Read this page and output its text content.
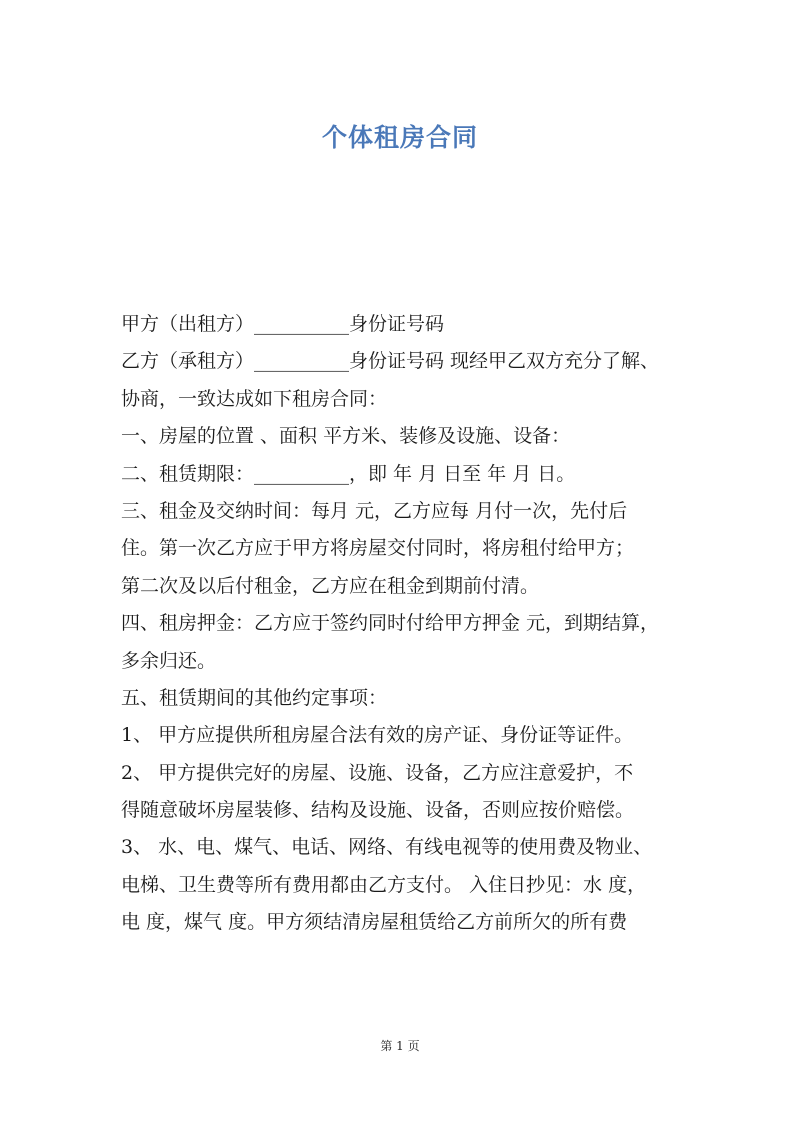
个体租房合同
甲方（出租方）__________身份证号码
乙方（承租方）__________身份证号码 现经甲乙双方充分了解、
协商，一致达成如下租房合同：
一、房屋的位置 、面积 平方米、装修及设施、设备：
二、租赁期限：__________，即 年 月 日至 年 月 日。
三、租金及交纳时间：每月 元，乙方应每 月付一次，先付后
住。第一次乙方应于甲方将房屋交付同时，将房租付给甲方；
第二次及以后付租金，乙方应在租金到期前付清。
四、租房押金：乙方应于签约同时付给甲方押金 元，到期结算，
多余归还。
五、租赁期间的其他约定事项：
1、 甲方应提供所租房屋合法有效的房产证、身份证等证件。
2、 甲方提供完好的房屋、设施、设备，乙方应注意爱护，不
得随意破坏房屋装修、结构及设施、设备，否则应按价赔偿。
3、 水、电、煤气、电话、网络、有线电视等的使用费及物业、
电梯、卫生费等所有费用都由乙方支付。 入住日抄见：水 度，
电 度，煤气 度。甲方须结清房屋租赁给乙方前所欠的所有费
第 1 页
